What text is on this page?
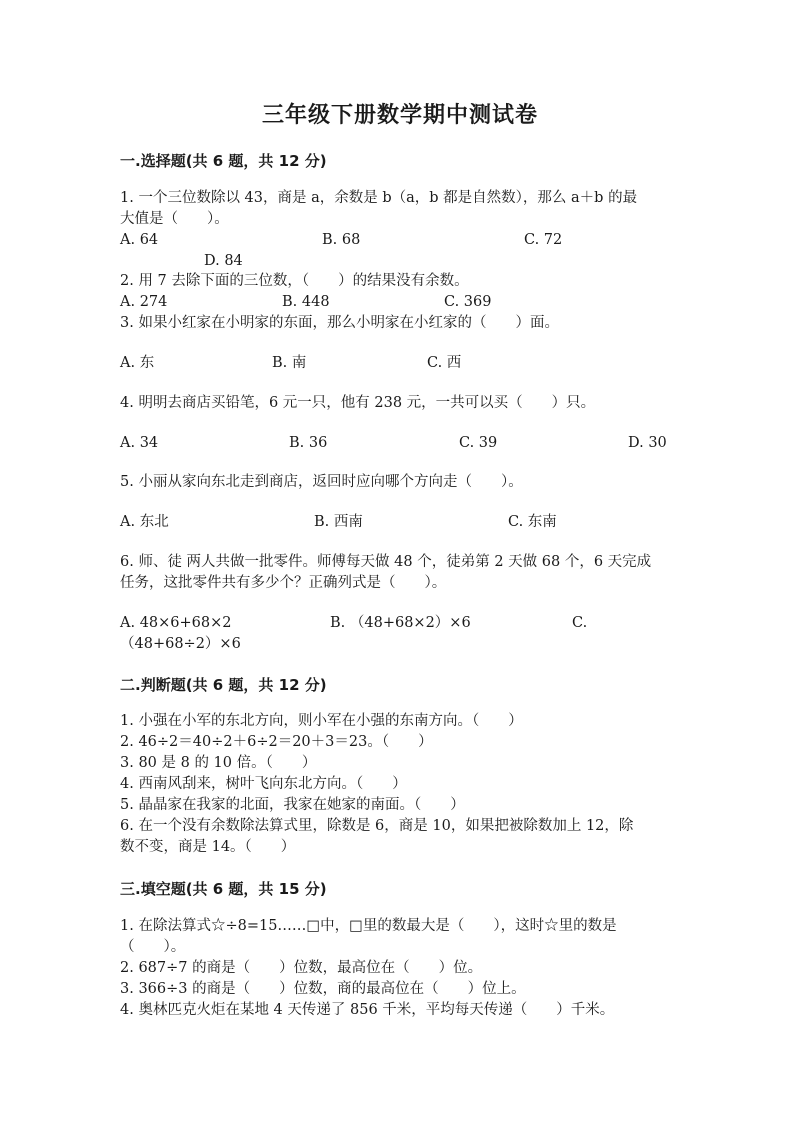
三年级下册数学期中测试卷
一.选择题(共 6 题，共 12 分)
1. 一个三位数除以 43，商是 a，余数是 b（a，b 都是自然数），那么 a＋b 的最
大值是（　　）。
A. 64	B. 68	C. 72
D. 84
2. 用 7 去除下面的三位数，（　　）的结果没有余数。
A. 274	B. 448	C. 369
3. 如果小红家在小明家的东面，那么小明家在小红家的（　　）面。
A. 东	B. 南	C. 西
4. 明明去商店买铅笔，6 元一只，他有 238 元，一共可以买（　　）只。
A. 34	B. 36	C. 39	D. 30
5. 小丽从家向东北走到商店，返回时应向哪个方向走（　　）。
A. 东北	B. 西南	C. 东南
6. 师、徒 两人共做一批零件。师傅每天做 48 个，徒弟第 2 天做 68 个，6 天完成
任务，这批零件共有多少个？正确列式是（　　）。
A. 48×6+68×2	B. （48+68×2）×6	C.
（48+68÷2）×6
二.判断题(共 6 题，共 12 分)
1. 小强在小军的东北方向，则小军在小强的东南方向。（　　）
2. 46÷2＝40÷2＋6÷2＝20＋3＝23。（　　）
3. 80 是 8 的 10 倍。（　　）
4. 西南风刮来，树叶飞向东北方向。（　　）
5. 晶晶家在我家的北面，我家在她家的南面。（　　）
6. 在一个没有余数除法算式里，除数是 6，商是 10，如果把被除数加上 12，除
数不变，商是 14。（　　）
三.填空题(共 6 题，共 15 分)
1. 在除法算式☆÷8=15……□中，□里的数最大是（　　），这时☆里的数是
（　　）。
2. 687÷7 的商是（　　）位数，最高位在（　　）位。
3. 366÷3 的商是（　　）位数，商的最高位在（　　）位上。
4. 奥林匹克火炬在某地 4 天传递了 856 千米，平均每天传递（　　）千米。
